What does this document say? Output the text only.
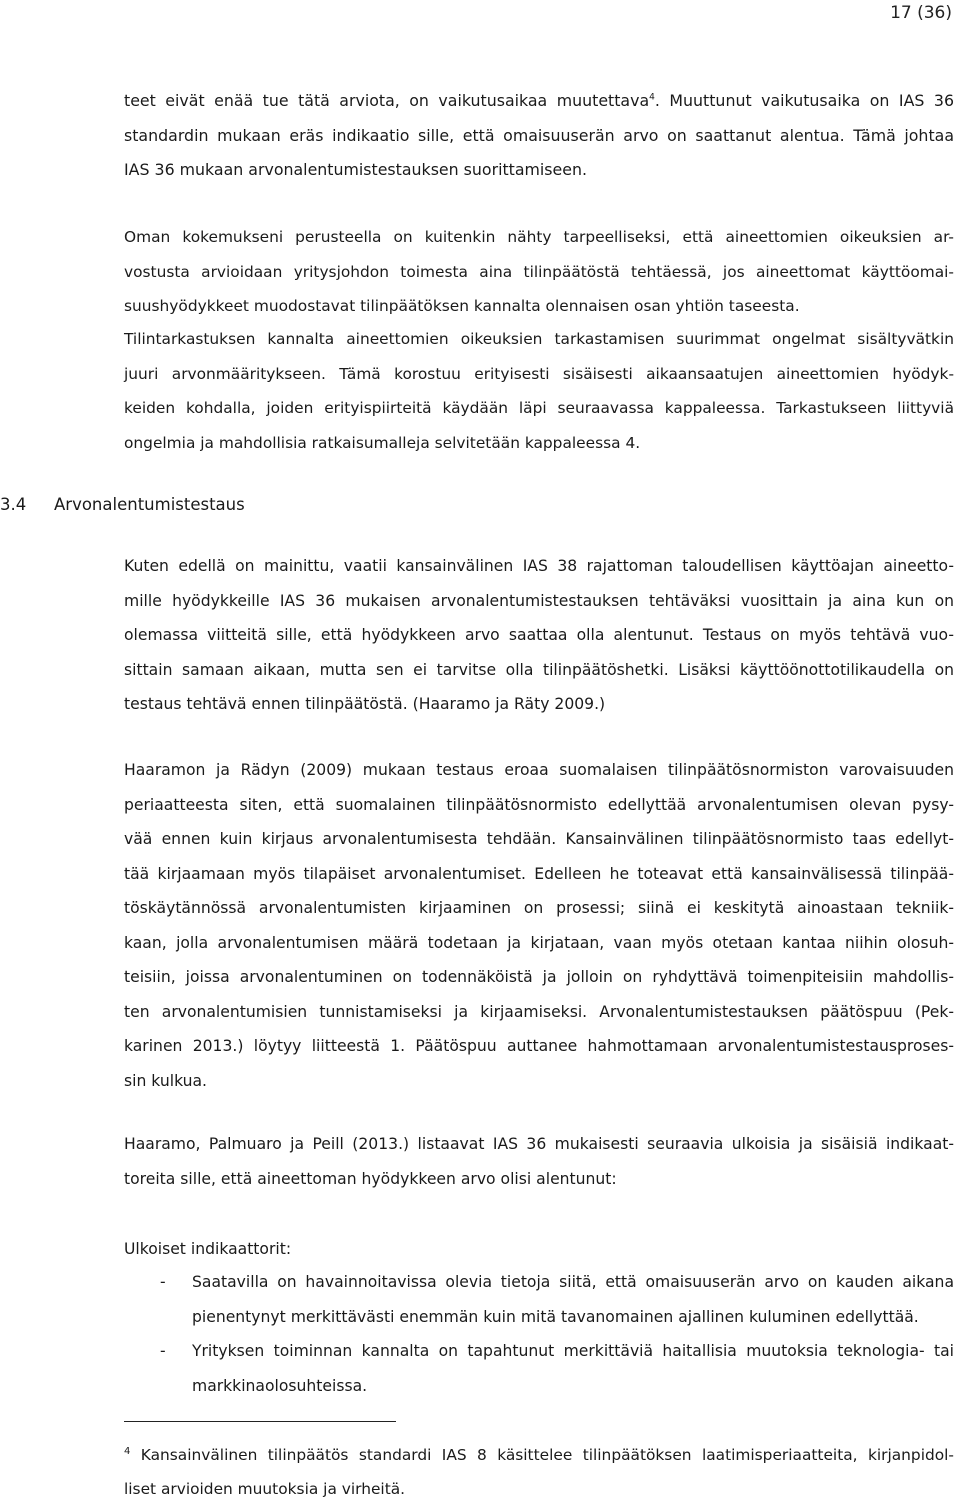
17 (36)
teet eivät enää tue tätä arviota, on vaikutusaikaa muutettava$^4$. Muuttunut vaikutusaika on IAS 36
standardin mukaan eräs indikaatio sille, että omaisuuserän arvo on saattanut alentua. Tämä johtaa
IAS 36 mukaan arvonalentumistestauksen suorittamiseen.
Oman kokemukseni perusteella on kuitenkin nähty tarpeelliseksi, että aineettomien oikeuksien ar-
vostusta arvioidaan yritysjohdon toimesta aina tilinpäätöstä tehtäessä, jos aineettomat käyttöomai-
suushyödykkeet muodostavat tilinpäätöksen kannalta olennaisen osan yhtiön taseesta.
Tilintarkastuksen kannalta aineettomien oikeuksien tarkastamisen suurimmat ongelmat sisältyvätkin
juuri arvonmääritykseen. Tämä korostuu erityisesti sisäisesti aikaansaatujen aineettomien hyödyk-
keiden kohdalla, joiden erityispiirteitä käydään läpi seuraavassa kappaleessa. Tarkastukseen liittyviä
ongelmia ja mahdollisia ratkaisumalleja selvitetään kappaleessa 4.
3.4 Arvonalentumistestaus
Kuten edellä on mainittu, vaatii kansainvälinen IAS 38 rajattoman taloudellisen käyttöajan aineetto-
mille hyödykkeille IAS 36 mukaisen arvonalentumistestauksen tehtäväksi vuosittain ja aina kun on
olemassa viitteitä sille, että hyödykkeen arvo saattaa olla alentunut. Testaus on myös tehtävä vuo-
sittain samaan aikaan, mutta sen ei tarvitse olla tilinpäätöshetki. Lisäksi käyttöönottotilikaudella on
testaus tehtävä ennen tilinpäätöstä. (Haaramo ja Räty 2009.)
Haaramon ja Rädyn (2009) mukaan testaus eroaa suomalaisen tilinpäätösnormiston varovaisuuden
periaatteesta siten, että suomalainen tilinpäätösnormisto edellyttää arvonalentumisen olevan pysy-
vää ennen kuin kirjaus arvonalentumisesta tehdään. Kansainvälinen tilinpäätösnormisto taas edellyt-
tää kirjaamaan myös tilapäiset arvonalentumiset. Edelleen he toteavat että kansainvälisessä tilinpää-
töskäytännössä arvonalentumisten kirjaaminen on prosessi; siinä ei keskitytä ainoastaan tekniik-
kaan, jolla arvonalentumisen määrä todetaan ja kirjataan, vaan myös otetaan kantaa niihin olosuh-
teisiin, joissa arvonalentuminen on todennäköistä ja jolloin on ryhdyttävä toimenpiteisiin mahdollis-
ten arvonalentumisien tunnistamiseksi ja kirjaamiseksi. Arvonalentumistestauksen päätöspuu (Pek-
karinen 2013.) löytyy liitteestä 1. Päätöspuu auttanee hahmottamaan arvonalentumistestausproses-
sin kulkua.
Haaramo, Palmuaro ja Peill (2013.) listaavat IAS 36 mukaisesti seuraavia ulkoisia ja sisäisiä indikaat-
toreita sille, että aineettoman hyödykkeen arvo olisi alentunut:
Ulkoiset indikaattorit:
- Saatavilla on havainnoitavissa olevia tietoja siitä, että omaisuuserän arvo on kauden aikana
pienentynyt merkittävästi enemmän kuin mitä tavanomainen ajallinen kuluminen edellyttää.
- Yrityksen toiminnan kannalta on tapahtunut merkittäviä haitallisia muutoksia teknologia- tai
markkinaolosuhteissa.
$^4$ Kansainvälinen tilinpäätös standardi IAS 8 käsittelee tilinpäätöksen laatimisperiaatteita, kirjanpidol-
liset arvioiden muutoksia ja virheitä.
